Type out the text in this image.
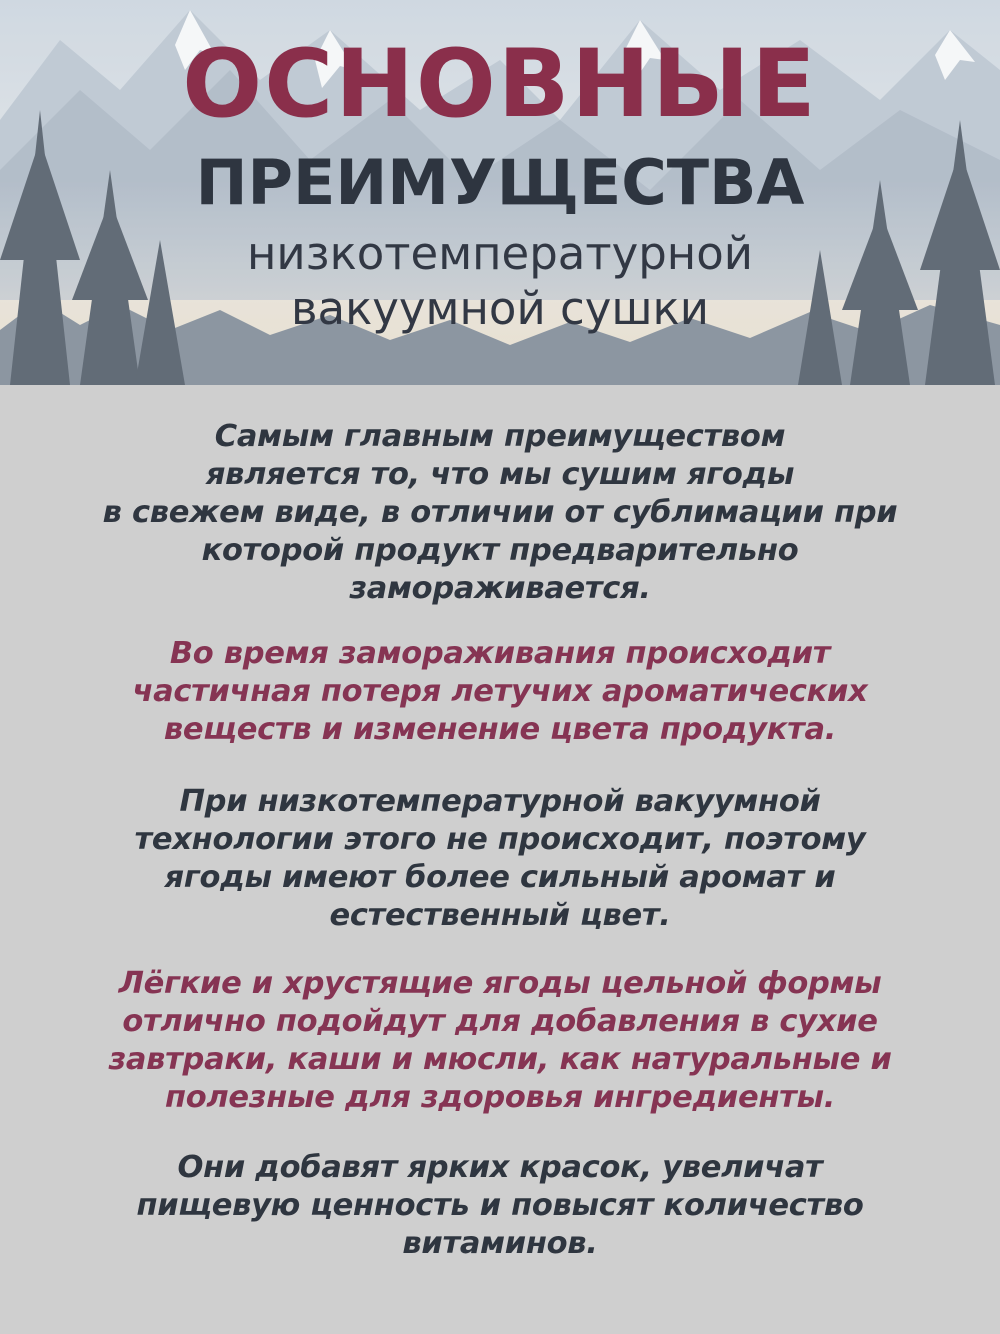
ОСНОВНЫЕ
ПРЕИМУЩЕСТВА
низкотемпературной
вакуумной сушки
Самым главным преимуществом
является то, что мы сушим ягоды
в свежем виде, в отличии от сублимации при
которой продукт предварительно
замораживается.
Во время замораживания происходит
частичная потеря летучих ароматических
веществ и изменение цвета продукта.
При низкотемпературной вакуумной
технологии этого не происходит, поэтому
ягоды имеют более сильный аромат и
естественный цвет.
Лёгкие и хрустящие ягоды цельной формы
отлично подойдут для добавления в сухие
завтраки, каши и мюсли, как натуральные и
полезные для здоровья ингредиенты.
Они добавят ярких красок, увеличат
пищевую ценность и повысят количество
витаминов.
